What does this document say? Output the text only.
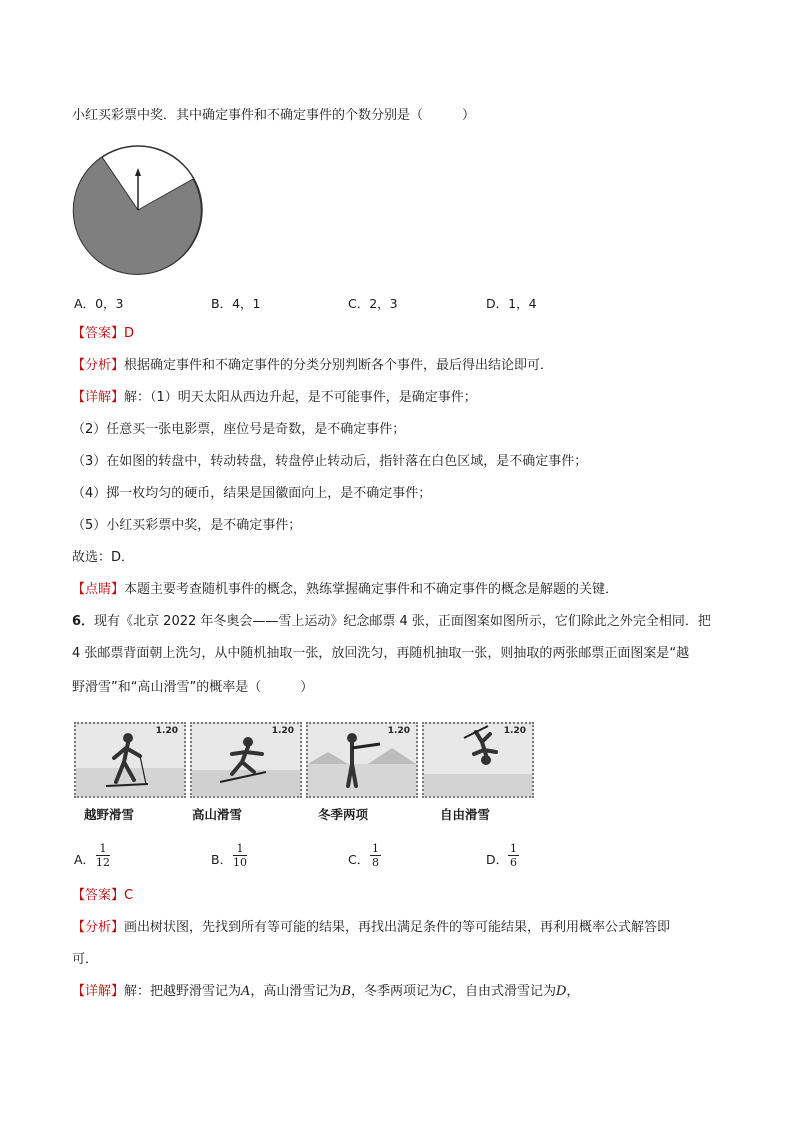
小红买彩票中奖．其中确定事件和不确定事件的个数分别是（　　　）
A．0，3	B．4，1	C．2，3	D．1，4
【答案】D
【分析】根据确定事件和不确定事件的分类分别判断各个事件，最后得出结论即可．
【详解】解：（1）明天太阳从西边升起，是不可能事件，是确定事件；
（2）任意买一张电影票，座位号是奇数，是不确定事件；
（3）在如图的转盘中，转动转盘，转盘停止转动后，指针落在白色区域，是不确定事件；
（4）掷一枚均匀的硬币，结果是国徽面向上，是不确定事件；
（5）小红买彩票中奖，是不确定事件；
故选：D．
【点睛】本题主要考查随机事件的概念，熟练掌握确定事件和不确定事件的概念是解题的关键．
6．现有《北京 2022 年冬奥会——雪上运动》纪念邮票 4 张，正面图案如图所示，它们除此之外完全相同．把
4 张邮票背面朝上洗匀，从中随机抽取一张，放回洗匀，再随机抽取一张，则抽取的两张邮票正面图案是“越
野滑雪”和“高山滑雪”的概率是（　　　）
1.20	1.20	1.20	1.20
越野滑雪	高山滑雪	冬季两项	自由滑雪
A． $\frac{1}{12}$	B． $\frac{1}{10}$	C． $\frac{1}{8}$	D． $\frac{1}{6}$
【答案】C
【分析】画出树状图，先找到所有等可能的结果，再找出满足条件的等可能结果，再利用概率公式解答即
可．
【详解】解：把越野滑雪记为A，高山滑雪记为B，冬季两项记为C，自由式滑雪记为D，
